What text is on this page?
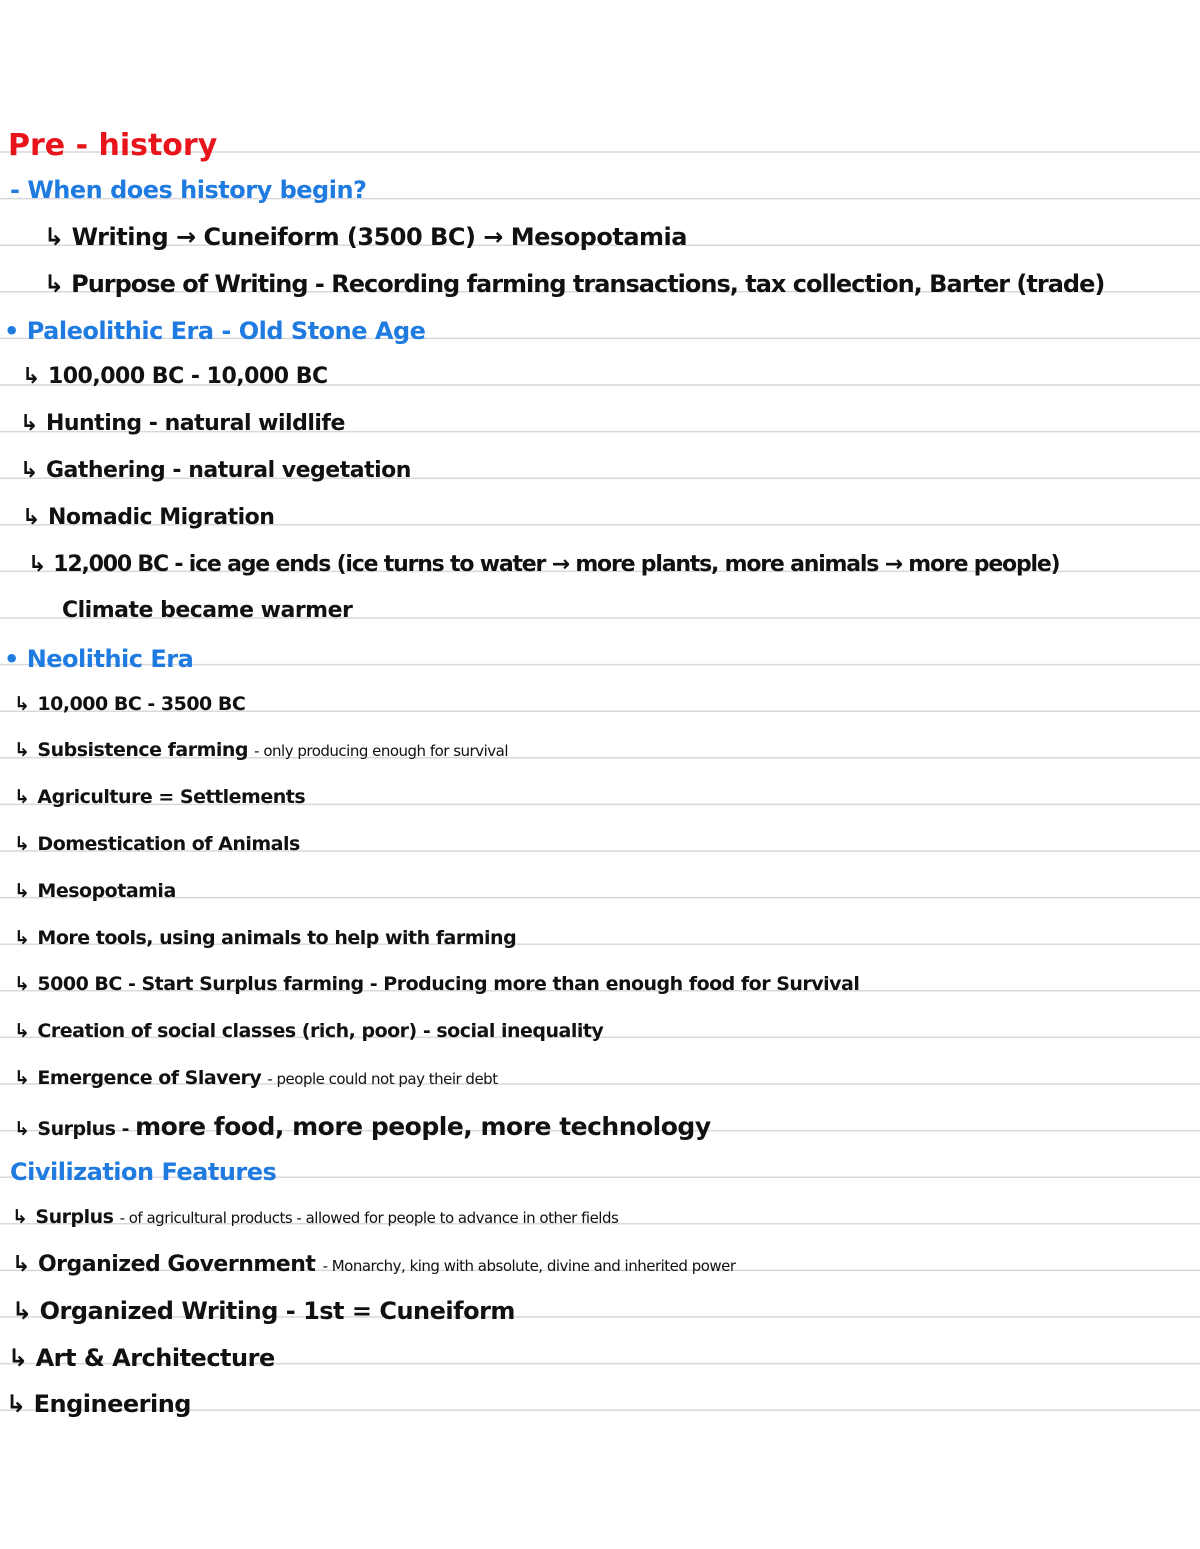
Pre - history
- When does history begin?
↳ Writing → Cuneiform (3500 BC) → Mesopotamia
↳ Purpose of Writing - Recording farming transactions, tax collection, Barter (trade)
• Paleolithic Era - Old Stone Age
↳ 100,000 BC - 10,000 BC
↳ Hunting - natural wildlife
↳ Gathering - natural vegetation
↳ Nomadic Migration
↳ 12,000 BC - ice age ends (ice turns to water → more plants, more animals → more people)
Climate became warmer
• Neolithic Era
↳ 10,000 BC - 3500 BC
↳ Subsistence farming - only producing enough for survival
↳ Agriculture = Settlements
↳ Domestication of Animals
↳ Mesopotamia
↳ More tools, using animals to help with farming
↳ 5000 BC - Start Surplus farming - Producing more than enough food for Survival
↳ Creation of social classes (rich, poor) - social inequality
↳ Emergence of Slavery - people could not pay their debt
↳ Surplus - more food, more people, more technology
Civilization Features
↳ Surplus - of agricultural products - allowed for people to advance in other fields
↳ Organized Government - Monarchy, king with absolute, divine and inherited power
↳ Organized Writing - 1st = Cuneiform
↳ Art & Architecture
↳ Engineering
